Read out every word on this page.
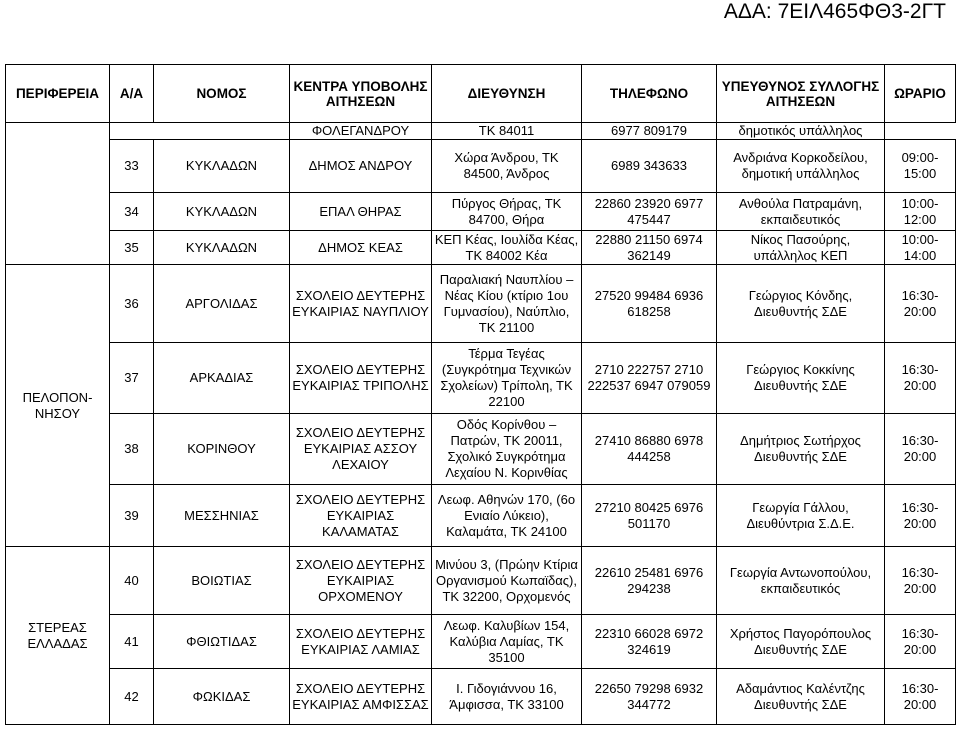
ΑΔΑ: 7ΕΙΛ465ΦΘ3-2ΓΤ
ΠΕΡΙΦΕΡΕΙΑ	Α/Α	ΝΟΜΟΣ	ΚΕΝΤΡΑ ΥΠΟΒΟΛΗΣ ΑΙΤΗΣΕΩΝ	ΔΙΕΥΘΥΝΣΗ	ΤΗΛΕΦΩΝΟ	ΥΠΕΥΘΥΝΟΣ ΣΥΛΛΟΓΗΣ ΑΙΤΗΣΕΩΝ	ΩΡΑΡΙΟ
			ΦΟΛΕΓΑΝΔΡΟΥ	ΤΚ 84011	6977 809179	δημοτικός υπάλληλος	
	33	ΚΥΚΛΑΔΩΝ	ΔΗΜΟΣ ΑΝΔΡΟΥ	Χώρα Άνδρου, ΤΚ 84500, Άνδρος	6989 343633	Ανδριάνα Κορκοδείλου, δημοτική υπάλληλος	09:00-15:00
	34	ΚΥΚΛΑΔΩΝ	ΕΠΑΛ ΘΗΡΑΣ	Πύργος Θήρας, ΤΚ 84700, Θήρα	22860 23920 6977 475447	Ανθούλα Πατραμάνη, εκπαιδευτικός	10:00-12:00
	35	ΚΥΚΛΑΔΩΝ	ΔΗΜΟΣ ΚΕΑΣ	ΚΕΠ Κέας, Ιουλίδα Κέας, ΤΚ 84002 Κέα	22880 21150 6974 362149	Νίκος Πασούρης, υπάλληλος ΚΕΠ	10:00-14:00
ΠΕΛΟΠΟΝ-ΝΗΣΟΥ	36	ΑΡΓΟΛΙΔΑΣ	ΣΧΟΛΕΙΟ ΔΕΥΤΕΡΗΣ ΕΥΚΑΙΡΙΑΣ ΝΑΥΠΛΙΟΥ	Παραλιακή Ναυπλίου – Νέας Κίου (κτίριο 1ου Γυμνασίου), Ναύπλιο, ΤΚ 21100	27520 99484 6936 618258	Γεώργιος Κόνδης, Διευθυντής ΣΔΕ	16:30-20:00
	37	ΑΡΚΑΔΙΑΣ	ΣΧΟΛΕΙΟ ΔΕΥΤΕΡΗΣ ΕΥΚΑΙΡΙΑΣ ΤΡΙΠΟΛΗΣ	Τέρμα Τεγέας (Συγκρότημα Τεχνικών Σχολείων) Τρίπολη, ΤΚ 22100	2710 222757 2710 222537 6947 079059	Γεώργιος Κοκκίνης Διευθυντής ΣΔΕ	16:30-20:00
	38	ΚΟΡΙΝΘΟΥ	ΣΧΟΛΕΙΟ ΔΕΥΤΕΡΗΣ ΕΥΚΑΙΡΙΑΣ ΑΣΣΟΥ ΛΕΧΑΙΟΥ	Οδός Κορίνθου – Πατρών, ΤΚ 20011, Σχολικό Συγκρότημα Λεχαίου Ν. Κορινθίας	27410 86880 6978 444258	Δημήτριος Σωτήρχος Διευθυντής ΣΔΕ	16:30-20:00
	39	ΜΕΣΣΗΝΙΑΣ	ΣΧΟΛΕΙΟ ΔΕΥΤΕΡΗΣ ΕΥΚΑΙΡΙΑΣ ΚΑΛΑΜΑΤΑΣ	Λεωφ. Αθηνών 170, (6ο Ενιαίο Λύκειο), Καλαμάτα, ΤΚ 24100	27210 80425 6976 501170	Γεωργία Γάλλου, Διευθύντρια Σ.Δ.Ε.	16:30-20:00
ΣΤΕΡΕΑΣ ΕΛΛΑΔΑΣ	40	ΒΟΙΩΤΙΑΣ	ΣΧΟΛΕΙΟ ΔΕΥΤΕΡΗΣ ΕΥΚΑΙΡΙΑΣ ΟΡΧΟΜΕΝΟΥ	Μινύου 3, (Πρώην Κτίρια Οργανισμού Κωπαϊδας), ΤΚ 32200, Ορχομενός	22610 25481 6976 294238	Γεωργία Αντωνοπούλου, εκπαιδευτικός	16:30-20:00
	41	ΦΘΙΩΤΙΔΑΣ	ΣΧΟΛΕΙΟ ΔΕΥΤΕΡΗΣ ΕΥΚΑΙΡΙΑΣ ΛΑΜΙΑΣ	Λεωφ. Καλυβίων 154, Καλύβια Λαμίας, ΤΚ 35100	22310 66028 6972 324619	Χρήστος Παγορόπουλος Διευθυντής ΣΔΕ	16:30-20:00
	42	ΦΩΚΙΔΑΣ	ΣΧΟΛΕΙΟ ΔΕΥΤΕΡΗΣ ΕΥΚΑΙΡΙΑΣ ΑΜΦΙΣΣΑΣ	Ι. Γιδογιάννου 16, Άμφισσα, ΤΚ 33100	22650 79298 6932 344772	Αδαμάντιος Καλέντζης Διευθυντής ΣΔΕ	16:30-20:00
